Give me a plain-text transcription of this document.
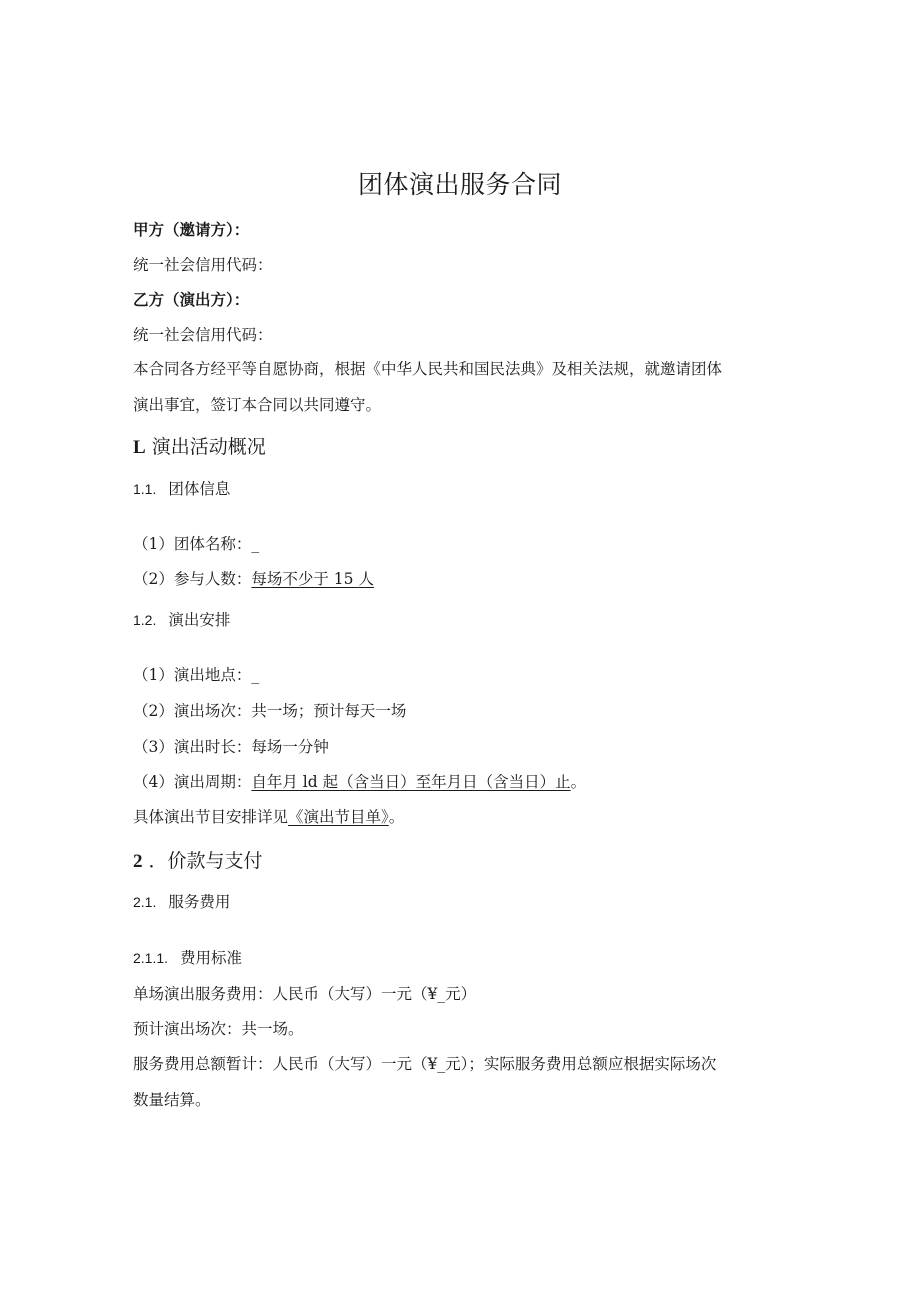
团体演出服务合同
甲方（邀请方）：
统一社会信用代码：
乙方（演出方）：
统一社会信用代码：
本合同各方经平等自愿协商，根据《中华人民共和国民法典》及相关法规，就邀请团体
演出事宜，签订本合同以共同遵守。
L 演出活动概况
1.1. 团体信息
（1）团体名称：_
（2）参与人数：每场不少于 15 人
1.2. 演出安排
（1）演出地点：_
（2）演出场次：共一场；预计每天一场
（3）演出时长：每场一分钟
（4）演出周期：自年月 ld 起（含当日）至年月日（含当日）止。
具体演出节目安排详见《演出节目单》。
2 ．价款与支付
2.1. 服务费用
2.1.1. 费用标准
单场演出服务费用：人民币（大写）一元（¥_元）
预计演出场次：共一场。
服务费用总额暂计：人民币（大写）一元（¥_元）；实际服务费用总额应根据实际场次
数量结算。
